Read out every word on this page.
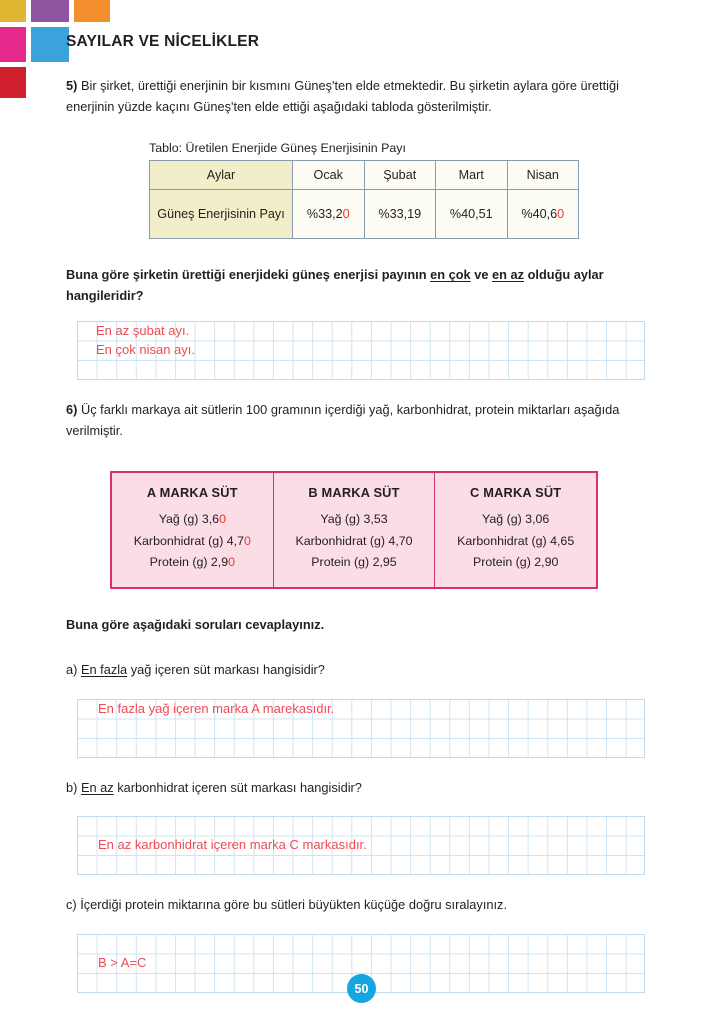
SAYILAR VE NİCELİKLER

5) Bir şirket, ürettiği enerjinin bir kısmını Güneş'ten elde etmektedir. Bu şirketin aylara göre ürettiği enerjinin yüzde kaçını Güneş'ten elde ettiği aşağıdaki tabloda gösterilmiştir.

Tablo: Üretilen Enerjide Güneş Enerjisinin Payı
Aylar	Ocak	Şubat	Mart	Nisan
Güneş Enerjisinin Payı	%33,20	%33,19	%40,51	%40,60

Buna göre şirketin ürettiği enerjideki güneş enerjisi payının en çok ve en az olduğu aylar hangileridir?

En az şubat ayı.
En çok nisan ayı.

6) Üç farklı markaya ait sütlerin 100 gramının içerdiği yağ, karbonhidrat, protein miktarları aşağıda verilmiştir.

A MARKA SÜT
Yağ (g) 3,60
Karbonhidrat (g) 4,70
Protein (g) 2,90
B MARKA SÜT
Yağ (g) 3,53
Karbonhidrat (g) 4,70
Protein (g) 2,95
C MARKA SÜT
Yağ (g) 3,06
Karbonhidrat (g) 4,65
Protein (g) 2,90

Buna göre aşağıdaki soruları cevaplayınız.

a) En fazla yağ içeren süt markası hangisidir?

En fazla yağ içeren marka A marekasıdır.

b) En az karbonhidrat içeren süt markası hangisidir?

En az karbonhidrat içeren marka C markasıdır.

c) İçerdiği protein miktarına göre bu sütleri büyükten küçüğe doğru sıralayınız.

B > A=C
50
